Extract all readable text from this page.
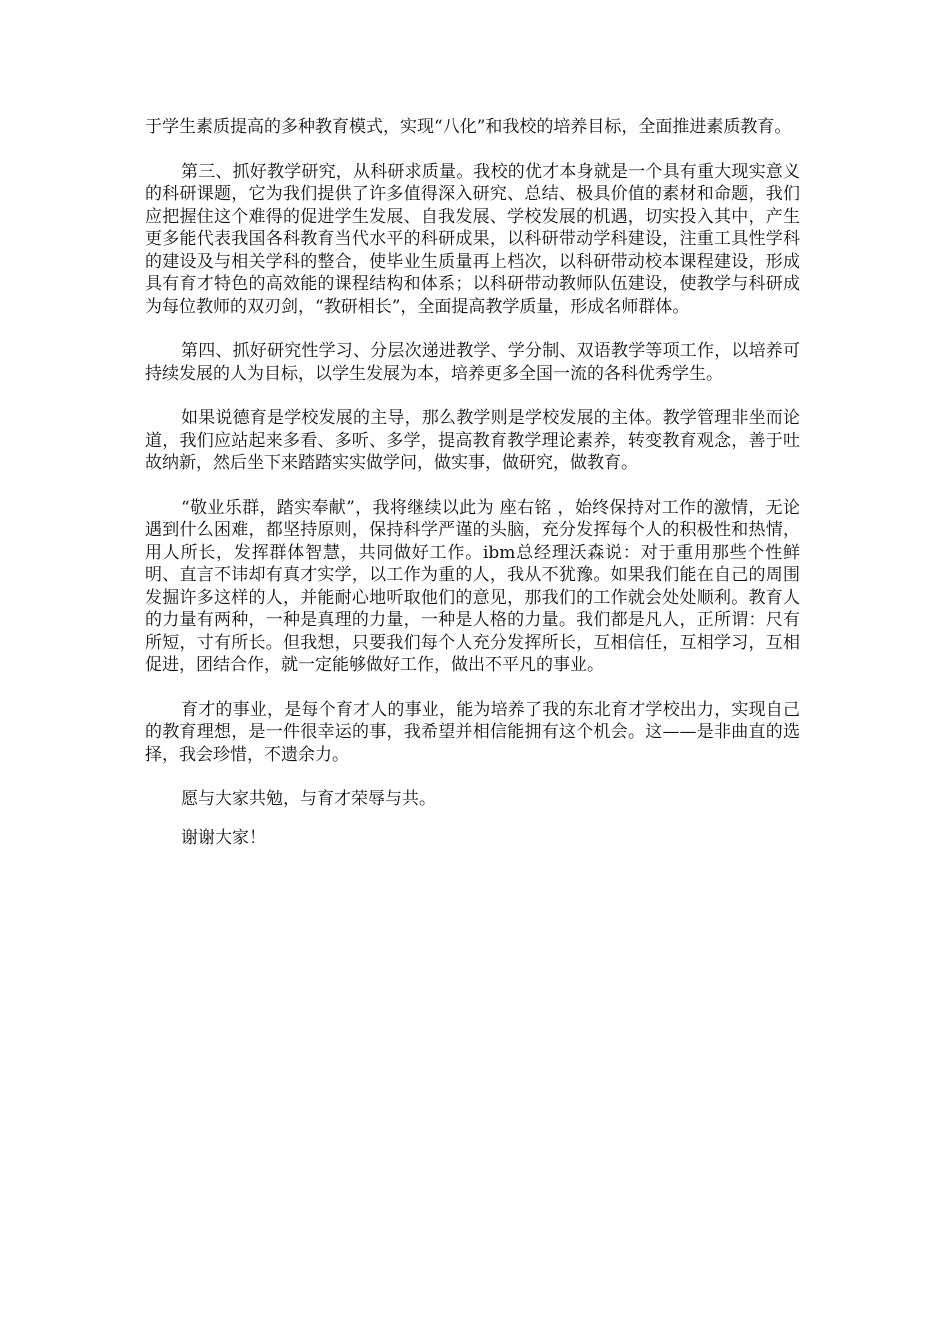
于学生素质提高的多种教育模式，实现“八化”和我校的培养目标，全面推进素质教育。

第三、抓好教学研究，从科研求质量。我校的优才本身就是一个具有重大现实意义的科研课题，它为我们提供了许多值得深入研究、总结、极具价值的素材和命题，我们应把握住这个难得的促进学生发展、自我发展、学校发展的机遇，切实投入其中，产生更多能代表我国各科教育当代水平的科研成果，以科研带动学科建设，注重工具性学科的建设及与相关学科的整合，使毕业生质量再上档次，以科研带动校本课程建设，形成具有育才特色的高效能的课程结构和体系；以科研带动教师队伍建设，使教学与科研成为每位教师的双刃剑，“教研相长”，全面提高教学质量，形成名师群体。

第四、抓好研究性学习、分层次递进教学、学分制、双语教学等项工作，以培养可持续发展的人为目标，以学生发展为本，培养更多全国一流的各科优秀学生。

如果说德育是学校发展的主导，那么教学则是学校发展的主体。教学管理非坐而论道，我们应站起来多看、多听、多学，提高教育教学理论素养，转变教育观念，善于吐故纳新，然后坐下来踏踏实实做学问，做实事，做研究，做教育。

“敬业乐群，踏实奉献”，我将继续以此为 座右铭 ，始终保持对工作的激情，无论遇到什么困难，都坚持原则，保持科学严谨的头脑，充分发挥每个人的积极性和热情，用人所长，发挥群体智慧，共同做好工作。ibm总经理沃森说：对于重用那些个性鲜明、直言不讳却有真才实学，以工作为重的人，我从不犹豫。如果我们能在自己的周围发掘许多这样的人，并能耐心地听取他们的意见，那我们的工作就会处处顺利。教育人的力量有两种，一种是真理的力量，一种是人格的力量。我们都是凡人，正所谓：尺有所短，寸有所长。但我想，只要我们每个人充分发挥所长，互相信任，互相学习，互相促进，团结合作，就一定能够做好工作，做出不平凡的事业。

育才的事业，是每个育才人的事业，能为培养了我的东北育才学校出力，实现自己的教育理想，是一件很幸运的事，我希望并相信能拥有这个机会。这——是非曲直的选择，我会珍惜，不遗余力。

愿与大家共勉，与育才荣辱与共。

谢谢大家！
